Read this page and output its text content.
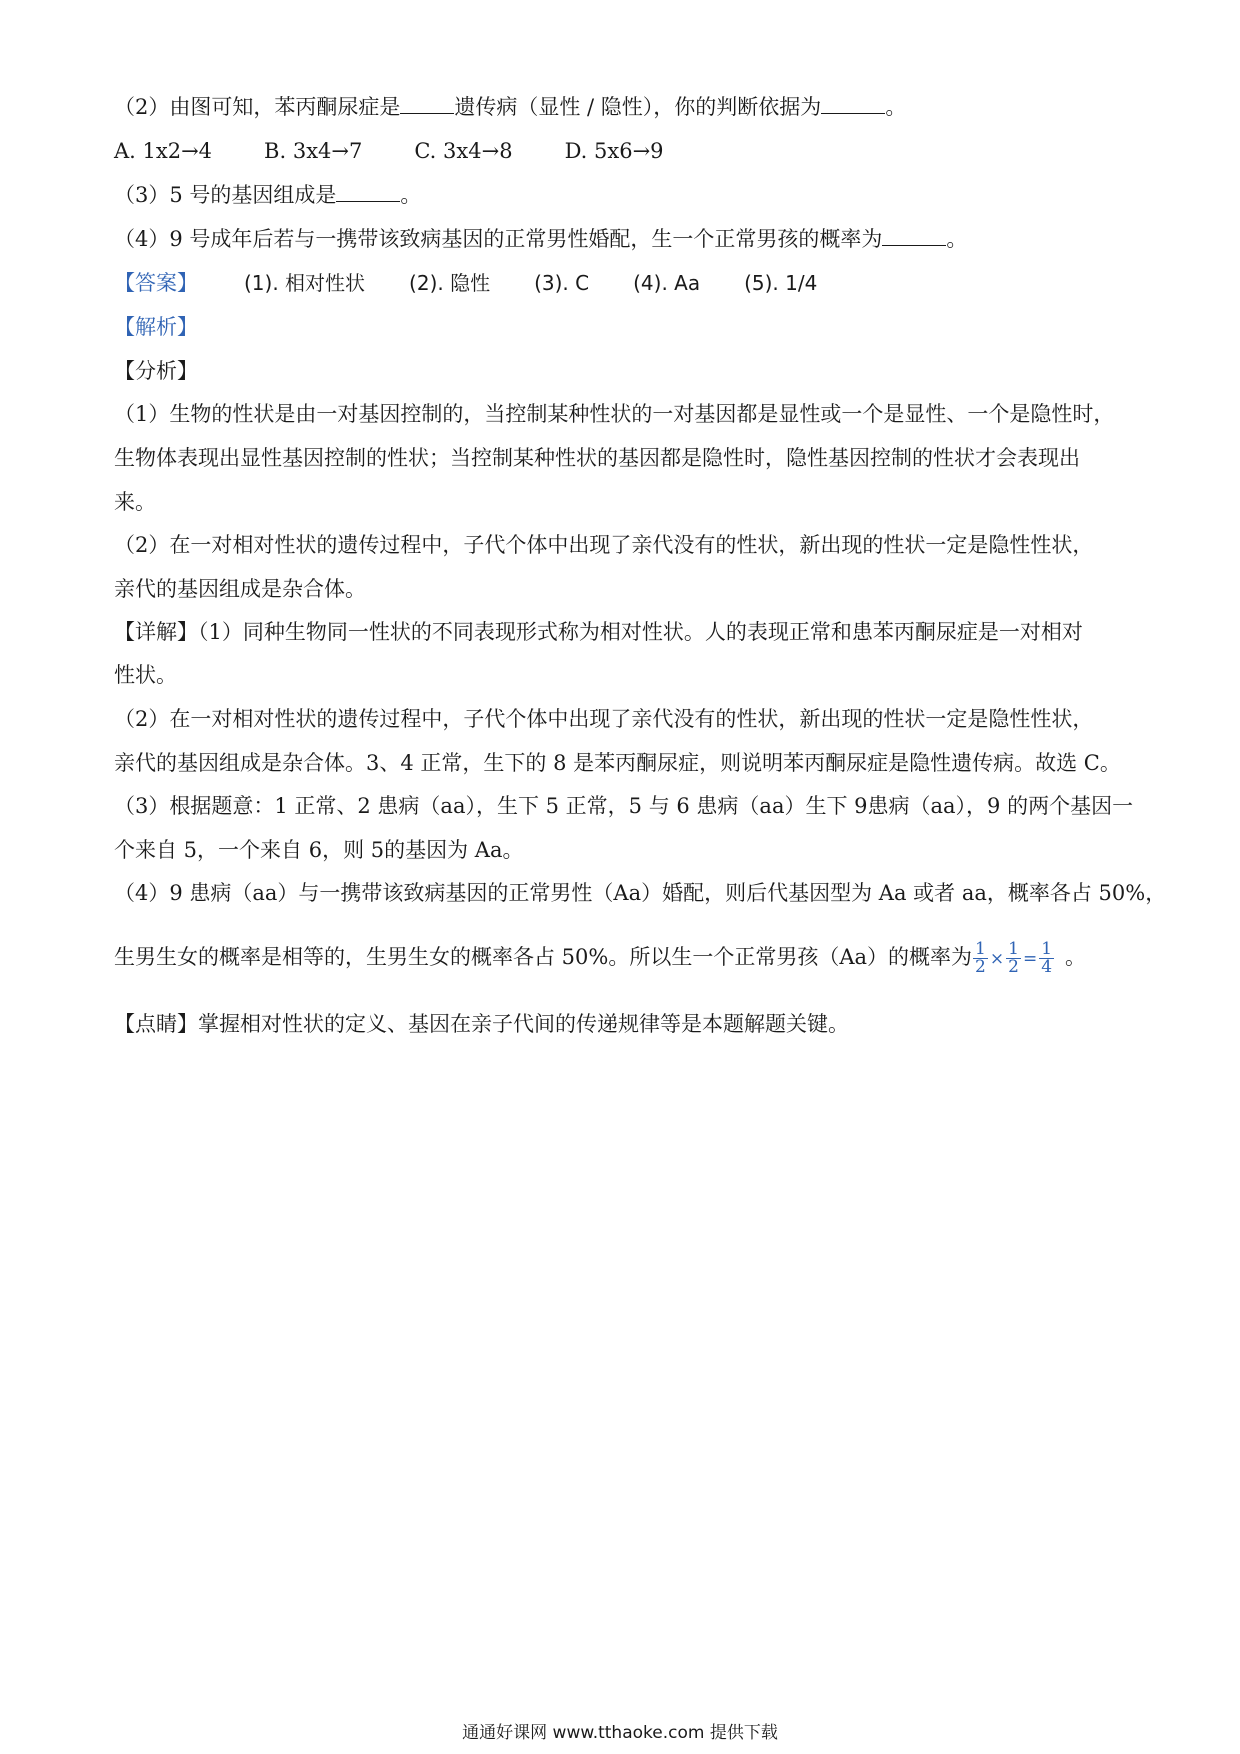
（2）由图可知，苯丙酮尿症是	遗传病（显性 / 隐性），你的判断依据为	。
A. 1x2→4 B. 3x4→7 C. 3x4→8 D. 5x6→9
（3）5 号的基因组成是	。
（4）9 号成年后若与一携带该致病基因的正常男性婚配，生一个正常男孩的概率为	。
【答案】 (1). 相对性状 (2). 隐性 (3). C (4). Aa (5). 1/4
【解析】
【分析】
（1）生物的性状是由一对基因控制的，当控制某种性状的一对基因都是显性或一个是显性、一个是隐性时，
生物体表现出显性基因控制的性状；当控制某种性状的基因都是隐性时，隐性基因控制的性状才会表现出
来。
（2）在一对相对性状的遗传过程中，子代个体中出现了亲代没有的性状，新出现的性状一定是隐性性状，
亲代的基因组成是杂合体。
【详解】（1）同种生物同一性状的不同表现形式称为相对性状。人的表现正常和患苯丙酮尿症是一对相对
性状。
（2）在一对相对性状的遗传过程中，子代个体中出现了亲代没有的性状，新出现的性状一定是隐性性状，
亲代的基因组成是杂合体。3、4 正常，生下的 8 是苯丙酮尿症，则说明苯丙酮尿症是隐性遗传病。故选 C。
（3）根据题意：1 正常、2 患病（aa），生下 5 正常，5 与 6 患病（aa）生下 9患病（aa），9 的两个基因一
个来自 5，一个来自 6，则 5的基因为 Aa。
（4）9 患病（aa）与一携带该致病基因的正常男性（Aa）婚配，则后代基因型为 Aa 或者 aa，概率各占 50%，
生男生女的概率是相等的，生男生女的概率各占 50%。所以生一个正常男孩（Aa）的概率为 $\frac{1}{2} \times \frac{1}{2} = \frac{1}{4}$ 。
【点睛】掌握相对性状的定义、基因在亲子代间的传递规律等是本题解题关键。
通通好课网 www.tthaoke.com 提供下载
